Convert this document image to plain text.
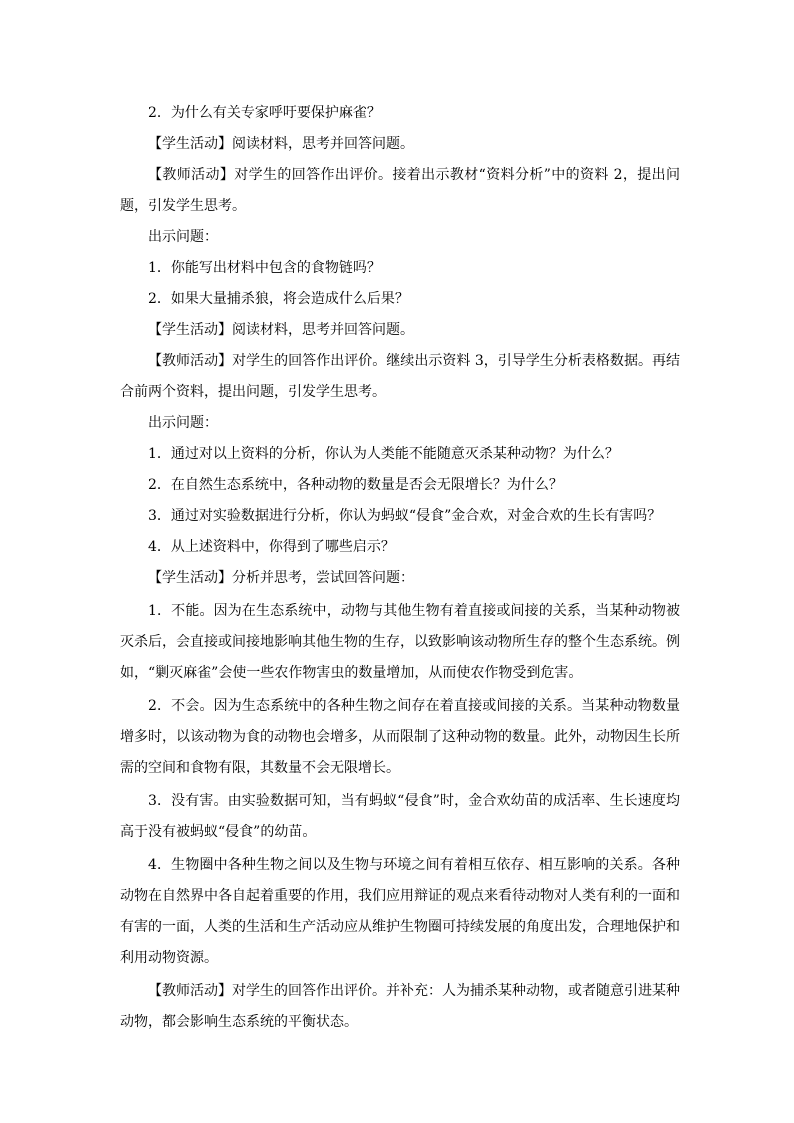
2．为什么有关专家呼吁要保护麻雀？

【学生活动】阅读材料，思考并回答问题。

【教师活动】对学生的回答作出评价。接着出示教材“资料分析”中的资料 2，提出问题，引发学生思考。

出示问题：

1．你能写出材料中包含的食物链吗？

2．如果大量捕杀狼，将会造成什么后果？

【学生活动】阅读材料，思考并回答问题。

【教师活动】对学生的回答作出评价。继续出示资料 3，引导学生分析表格数据。再结合前两个资料，提出问题，引发学生思考。

出示问题：

1．通过对以上资料的分析，你认为人类能不能随意灭杀某种动物？为什么？

2．在自然生态系统中，各种动物的数量是否会无限增长？为什么？

3．通过对实验数据进行分析，你认为蚂蚁“侵食”金合欢，对金合欢的生长有害吗？

4．从上述资料中，你得到了哪些启示？

【学生活动】分析并思考，尝试回答问题：

1．不能。因为在生态系统中，动物与其他生物有着直接或间接的关系，当某种动物被灭杀后，会直接或间接地影响其他生物的生存，以致影响该动物所生存的整个生态系统。例如，“剿灭麻雀”会使一些农作物害虫的数量增加，从而使农作物受到危害。

2．不会。因为生态系统中的各种生物之间存在着直接或间接的关系。当某种动物数量增多时，以该动物为食的动物也会增多，从而限制了这种动物的数量。此外，动物因生长所需的空间和食物有限，其数量不会无限增长。

3．没有害。由实验数据可知，当有蚂蚁“侵食”时，金合欢幼苗的成活率、生长速度均高于没有被蚂蚁“侵食”的幼苗。

4．生物圈中各种生物之间以及生物与环境之间有着相互依存、相互影响的关系。各种动物在自然界中各自起着重要的作用，我们应用辩证的观点来看待动物对人类有利的一面和有害的一面，人类的生活和生产活动应从维护生物圈可持续发展的角度出发，合理地保护和利用动物资源。

【教师活动】对学生的回答作出评价。并补充：人为捕杀某种动物，或者随意引进某种动物，都会影响生态系统的平衡状态。
